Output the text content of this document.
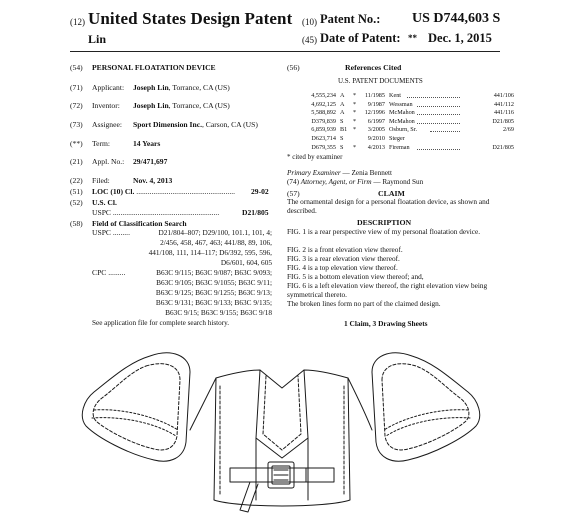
(12) United States Design Patent
Lin
(10) Patent No.: US D744,603 S
(45) Date of Patent: ** Dec. 1, 2015
(54) PERSONAL FLOATATION DEVICE
(71) Applicant: Joseph Lin, Torrance, CA (US)
(72) Inventor: Joseph Lin, Torrance, CA (US)
(73) Assignee: Sport Dimension Inc., Carson, CA (US)
(**) Term:	14 Years
(21) Appl. No.: 29/471,697
(22) Filed:	Nov. 4, 2013
(51) LOC (10) Cl. ....................................................	29-02
(52) U.S. Cl.
USPC ........................................................	D21/805
(58) Field of Classification Search
USPC .........	D21/804–807; D29/100, 101.1, 101, 4;
2/456, 458, 467, 463; 441/88, 89, 106,
441/108, 111, 114–117; D6/392, 595, 596,
D6/601, 604, 605
CPC .........	B63C 9/115; B63C 9/087; B63C 9/093;
B63C 9/105; B63C 9/1055; B63C 9/11;
B63C 9/125; B63C 9/1255; B63C 9/13;
B63C 9/131; B63C 9/133; B63C 9/135;
B63C 9/15; B63C 9/155; B63C 9/18
See application file for complete search history.
(56)	References Cited
U.S. PATENT DOCUMENTS
4,555,234 A	*	11/1985 Kent	441/106
4,692,125 A	*	9/1987 Wessman	441/112
5,588,892 A	*	12/1996 McMahon	441/116
D379,839 S	*	6/1997 McMahon	D21/805
6,859,939 B1 *	3/2005 Osburn, Sr.	2/69
D623,714 S	9/2010 Steger
D679,355 S	*	4/2013 Fireman	D21/805
* cited by examiner
Primary Examiner — Zenia Bennett
(74) Attorney, Agent, or Firm — Raymond Sun
(57)	CLAIM
The ornamental design for a personal floatation device, as shown and described.
DESCRIPTION
FIG. 1 is a rear perspective view of my personal floatation device.
FIG. 2 is a front elevation view thereof.
FIG. 3 is a rear elevation view thereof.
FIG. 4 is a top elevation view thereof.
FIG. 5 is a bottom elevation view thereof; and,
FIG. 6 is a left elevation view thereof, the right elevation view being symmetrical thereto.
The broken lines form no part of the claimed design.
1 Claim, 3 Drawing Sheets
